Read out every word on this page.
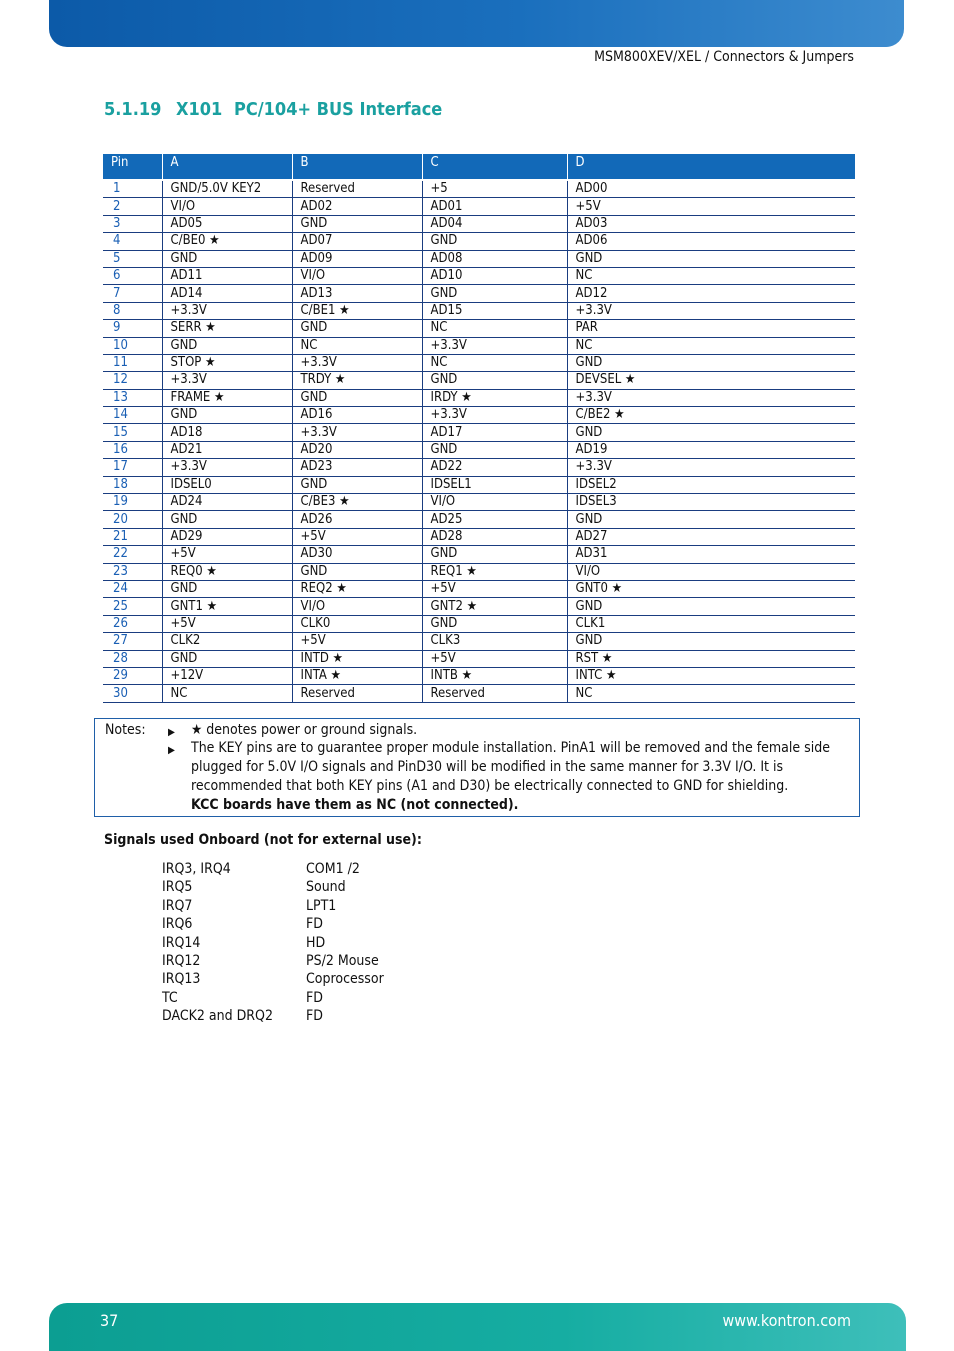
MSM800XEV/XEL / Connectors & Jumpers
5.1.19 X101 PC/104+ BUS Interface
Pin	A	B	C	D

1	GND/5.0V KEY2	Reserved	+5	AD00
2	VI/O	AD02	AD01	+5V
3	AD05	GND	AD04	AD03
4	C/BE0 ★	AD07	GND	AD06
5	GND	AD09	AD08	GND
6	AD11	VI/O	AD10	NC
7	AD14	AD13	GND	AD12
8	+3.3V	C/BE1 ★	AD15	+3.3V
9	SERR ★	GND	NC	PAR
10	GND	NC	+3.3V	NC
11	STOP ★	+3.3V	NC	GND
12	+3.3V	TRDY ★	GND	DEVSEL ★
13	FRAME ★	GND	IRDY ★	+3.3V
14	GND	AD16	+3.3V	C/BE2 ★
15	AD18	+3.3V	AD17	GND
16	AD21	AD20	GND	AD19
17	+3.3V	AD23	AD22	+3.3V
18	IDSEL0	GND	IDSEL1	IDSEL2
19	AD24	C/BE3 ★	VI/O	IDSEL3
20	GND	AD26	AD25	GND
21	AD29	+5V	AD28	AD27
22	+5V	AD30	GND	AD31
23	REQ0 ★	GND	REQ1 ★	VI/O
24	GND	REQ2 ★	+5V	GNT0 ★
25	GNT1 ★	VI/O	GNT2 ★	GND
26	+5V	CLK0	GND	CLK1
27	CLK2	+5V	CLK3	GND
28	GND	INTD ★	+5V	RST ★
29	+12V	INTA ★	INTB ★	INTC ★
30	NC	Reserved	Reserved	NC
Notes: ▶ ★ denotes power or ground signals.
▶ The KEY pins are to guarantee proper module installation. PinA1 will be removed and the female side plugged for 5.0V I/O signals and PinD30 will be modified in the same manner for 3.3V I/O. It is recommended that both KEY pins (A1 and D30) be electrically connected to GND for shielding.
KCC boards have them as NC (not connected).
Signals used Onboard (not for external use):
IRQ3, IRQ4	COM1 /2
IRQ5	Sound
IRQ7	LPT1
IRQ6	FD
IRQ14	HD
IRQ12	PS/2 Mouse
IRQ13	Coprocessor
TC	FD
DACK2 and DRQ2	FD
37	www.kontron.com
